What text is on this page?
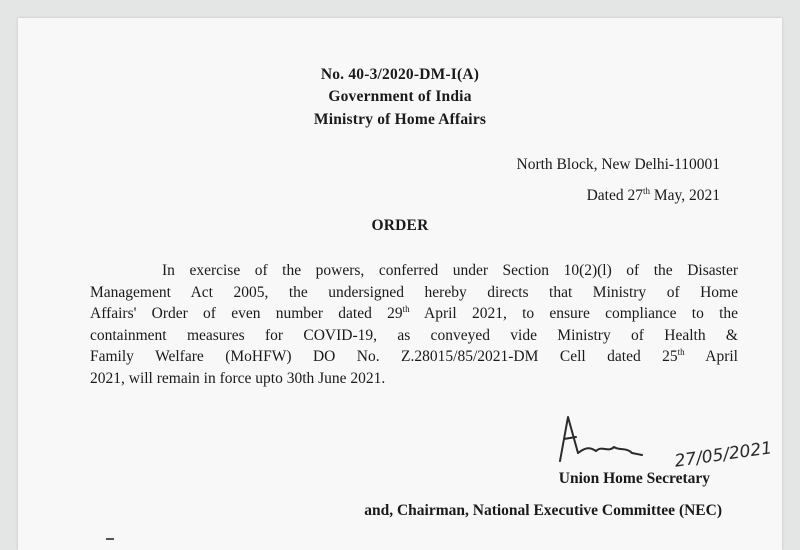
No. 40-3/2020-DM-I(A)
Government of India
Ministry of Home Affairs
North Block, New Delhi-110001
Dated 27th May, 2021
ORDER
In exercise of the powers, conferred under Section 10(2)(l) of the Disaster
Management Act 2005, the undersigned hereby directs that Ministry of Home
Affairs' Order of even number dated 29th April 2021, to ensure compliance to the
containment measures for COVID-19, as conveyed vide Ministry of Health &
Family Welfare (MoHFW) DO No. Z.28015/85/2021-DM Cell dated 25th April
2021, will remain in force upto 30th June 2021.
27/05/2021
Union Home Secretary
and, Chairman, National Executive Committee (NEC)
